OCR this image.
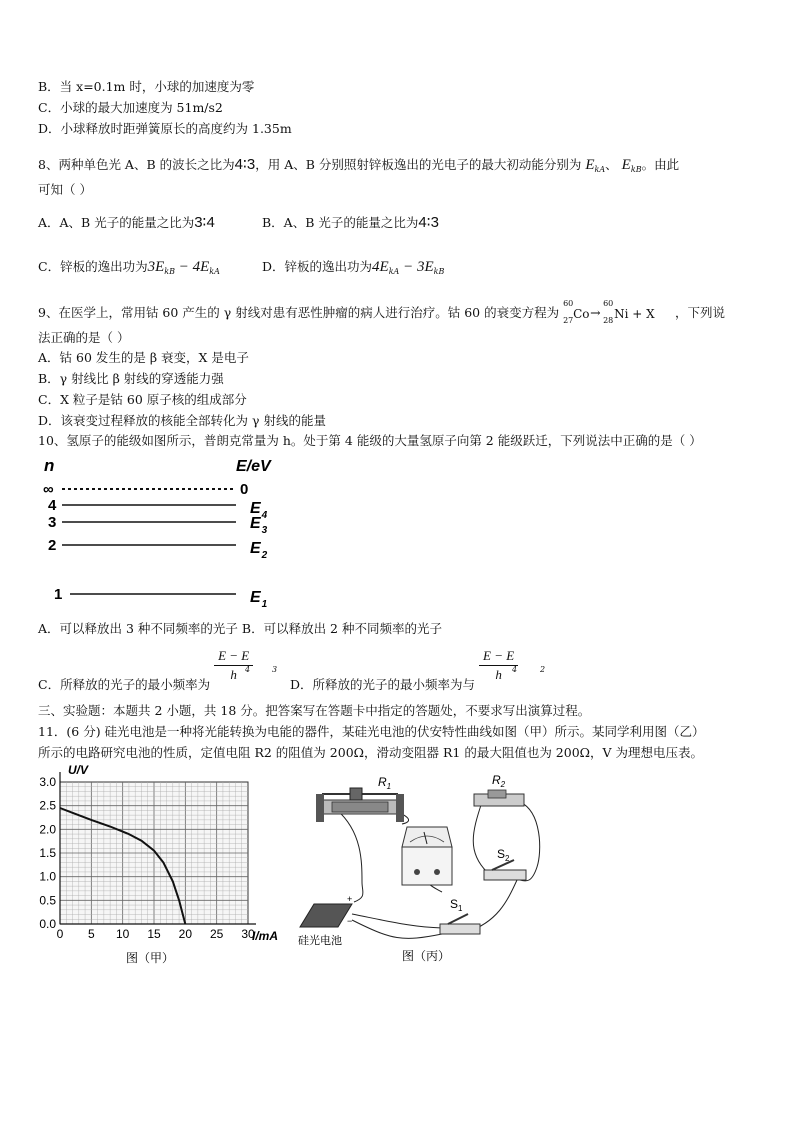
B．当 x=0.1m 时，小球的加速度为零
C．小球的最大加速度为 51m/s2
D．小球释放时距弹簧原长的高度约为 1.35m
8、两种单色光 A、B 的波长之比为4∶3，用 A、B 分别照射锌板逸出的光电子的最大初动能分别为 $E_{kA}$、 $E_{kB}$。由此
可知（ ）
A．A、B 光子的能量之比为3∶4	B．A、B 光子的能量之比为4∶3
C．锌板的逸出功为$3E_{kB} - 4E_{kA}$	D．锌板的逸出功为$4E_{kA} - 3E_{kB}$
9、在医学上，常用钴 60 产生的 γ 射线对患有恶性肿瘤的病人进行治疗。钴 60 的衰变方程为
60
27 Co →
60
28 Ni + X ，下列说
法正确的是（ ）
A．钴 60 发生的是 β 衰变，X 是电子
B．γ 射线比 β 射线的穿透能力强
C．X 粒子是钴 60 原子核的组成部分
D．该衰变过程释放的核能全部转化为 γ 射线的能量
10、氢原子的能级如图所示，普朗克常量为 h。处于第 4 能级的大量氢原子向第 2 能级跃迁，下列说法中正确的是（ ）
n	E/eV
∞	0
4	$E_4$
3	$E_3$
2	$E_2$
1	$E_1$
A．可以释放出 3 种不同频率的光子 B．可以释放出 2 种不同频率的光子
C．所释放的光子的最小频率为
$\frac{E - E}{h}$
D．所释放的光子的最小频率为与
$\frac{E - E}{h}$
4	3	4	2
三、实验题：本题共 2 小题，共 18 分。把答案写在答题卡中指定的答题处，不要求写出演算过程。
11．(6 分) 硅光电池是一种将光能转换为电能的器件，某硅光电池的伏安特性曲线如图（甲）所示。某同学利用图（乙）
所示的电路研究电池的性质，定值电阻 R2 的阻值为 200Ω，滑动变阻器 R1 的最大阻值也为 200Ω，V 为理想电压表。
0 5 10 15 20 25 30
0.0
0.5
1.0
1.5
2.0
2.5
3.0
U/V
I/mA
图（甲）
$R_1$	$R_2$
$S_2$
$S_1$
+
−
硅光电池
图（丙）
